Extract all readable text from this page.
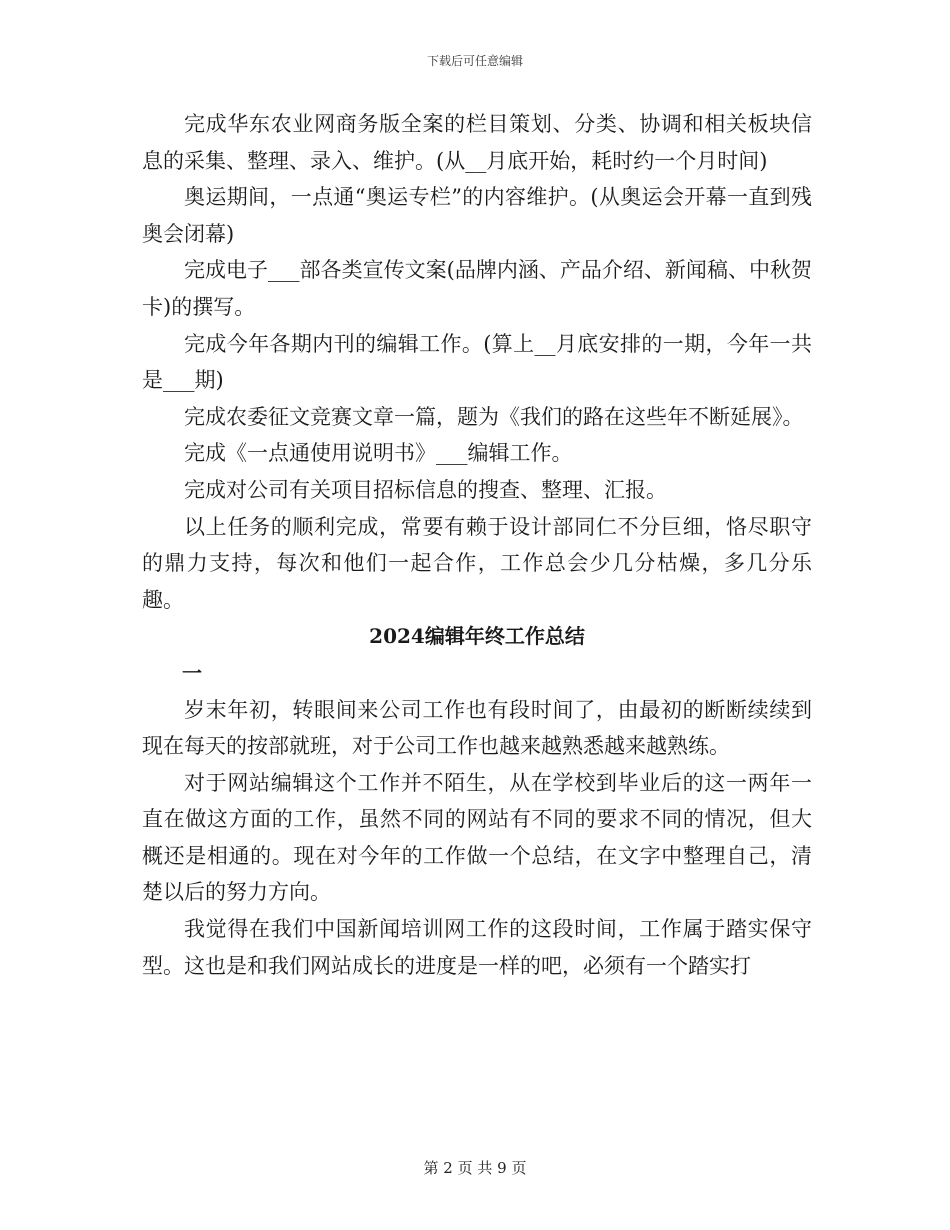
下载后可任意编辑

完成华东农业网商务版全案的栏目策划、分类、协调和相关板块信息的采集、整理、录入、维护。(从__月底开始，耗时约一个月时间)

奥运期间，一点通“奥运专栏”的内容维护。(从奥运会开幕一直到残奥会闭幕)

完成电子___部各类宣传文案(品牌内涵、产品介绍、新闻稿、中秋贺卡)的撰写。

完成今年各期内刊的编辑工作。(算上__月底安排的一期，今年一共是___期)

完成农委征文竞赛文章一篇，题为《我们的路在这些年不断延展》。

完成《一点通使用说明书》___编辑工作。

完成对公司有关项目招标信息的搜查、整理、汇报。

以上任务的顺利完成，常要有赖于设计部同仁不分巨细，恪尽职守的鼎力支持，每次和他们一起合作，工作总会少几分枯燥，多几分乐趣。

2024编辑年终工作总结

一

岁末年初，转眼间来公司工作也有段时间了，由最初的断断续续到现在每天的按部就班，对于公司工作也越来越熟悉越来越熟练。

对于网站编辑这个工作并不陌生，从在学校到毕业后的这一两年一直在做这方面的工作，虽然不同的网站有不同的要求不同的情况，但大概还是相通的。现在对今年的工作做一个总结，在文字中整理自己，清楚以后的努力方向。

我觉得在我们中国新闻培训网工作的这段时间，工作属于踏实保守型。这也是和我们网站成长的进度是一样的吧，必须有一个踏实打

第 2 页 共 9 页
